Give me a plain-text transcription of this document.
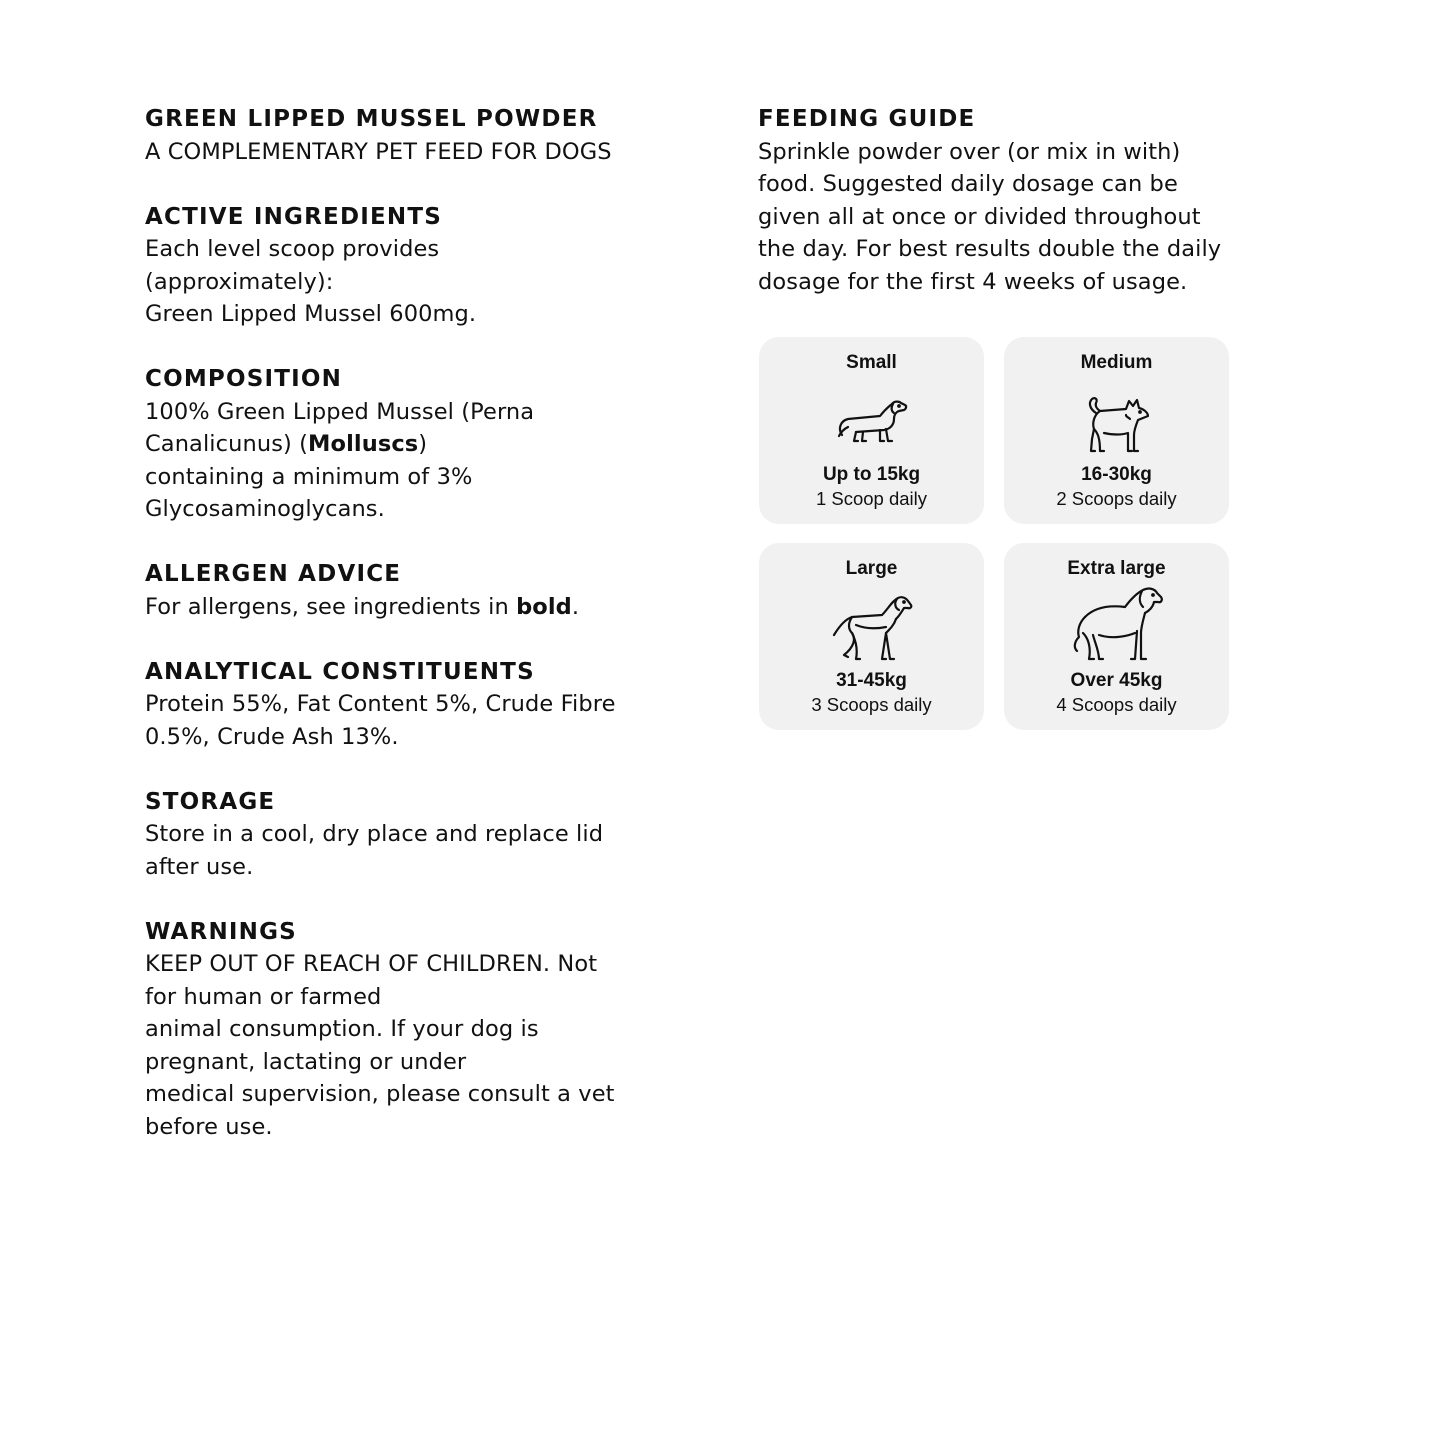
GREEN LIPPED MUSSEL POWDER

A COMPLEMENTARY PET FEED FOR DOGS

ACTIVE INGREDIENTS

Each level scoop provides
(approximately):
Green Lipped Mussel 600mg.

COMPOSITION

100% Green Lipped Mussel (Perna
Canalicunus) (Molluscs)
containing a minimum of 3%
Glycosaminoglycans.

ALLERGEN ADVICE

For allergens, see ingredients in bold.

ANALYTICAL CONSTITUENTS

Protein 55%, Fat Content 5%, Crude Fibre
0.5%, Crude Ash 13%.

STORAGE

Store in a cool, dry place and replace lid
after use.

WARNINGS

KEEP OUT OF REACH OF CHILDREN. Not
for human or farmed
animal consumption. If your dog is
pregnant, lactating or under
medical supervision, please consult a vet
before use.

FEEDING GUIDE

Sprinkle powder over (or mix in with)
food. Suggested daily dosage can be
given all at once or divided throughout
the day. For best results double the daily
dosage for the first 4 weeks of usage.

Small
Up to 15kg
1 Scoop daily
Medium
16-30kg
2 Scoops daily
Large
31-45kg
3 Scoops daily
Extra large
Over 45kg
4 Scoops daily
